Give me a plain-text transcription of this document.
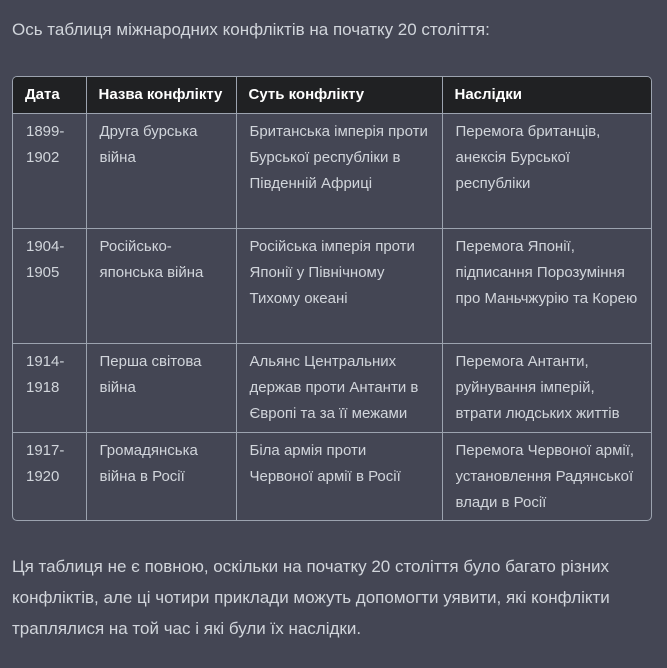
Ось таблиця міжнародних конфліктів на початку 20 століття:
Дата	Назва конфлікту	Суть конфлікту	Наслідки
1899-1902	Друга бурська війна	Британська імперія проти Бурської республіки в Південній Африці	Перемога британців, анексія Бурської республіки
1904-1905	Російсько-японська війна	Російська імперія проти Японії у Північному Тихому океані	Перемога Японії, підписання Порозуміння про Маньчжурію та Корею
1914-1918	Перша світова війна	Альянс Центральних держав проти Антанти в Європі та за її межами	Перемога Антанти, руйнування імперій, втрати людських життів
1917-1920	Громадянська війна в Росії	Біла армія проти Червоної армії в Росії	Перемога Червоної армії, установлення Радянської влади в Росії
Ця таблиця не є повною, оскільки на початку 20 століття було багато різних конфліктів, але ці чотири приклади можуть допомогти уявити, які конфлікти траплялися на той час і які були їх наслідки.
